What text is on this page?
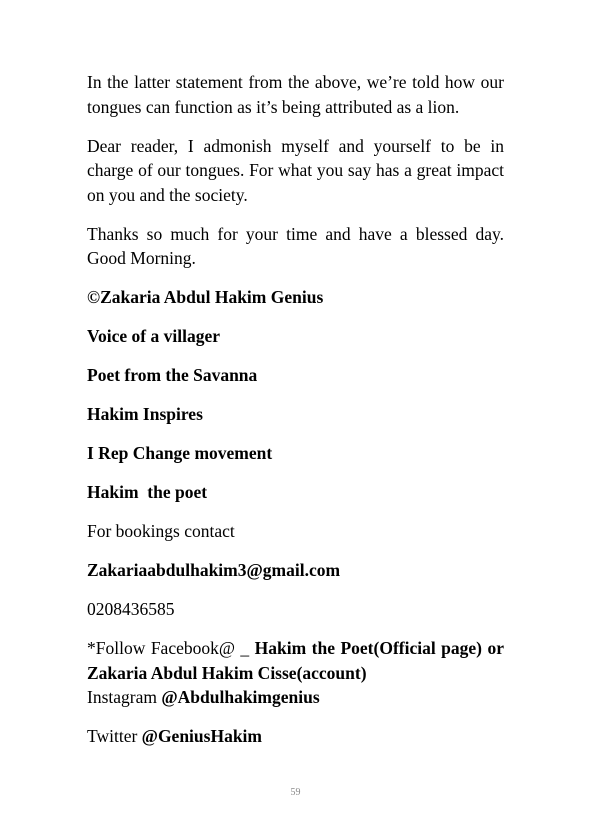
In the latter statement from the above, we’re told how our tongues can function as it’s being attributed as a lion.

Dear reader, I admonish myself and yourself to be in charge of our tongues. For what you say has a great impact on you and the society.

Thanks so much for your time and have a blessed day. Good Morning.

©Zakaria Abdul Hakim Genius

Voice of a villager

Poet from the Savanna

Hakim Inspires

I Rep Change movement

Hakim  the poet

For bookings contact

Zakariaabdulhakim3@gmail.com

0208436585

*Follow Facebook@ _ Hakim the Poet(Official page) or Zakaria Abdul Hakim Cisse(account)

Instagram @Abdulhakimgenius

Twitter @GeniusHakim

59
